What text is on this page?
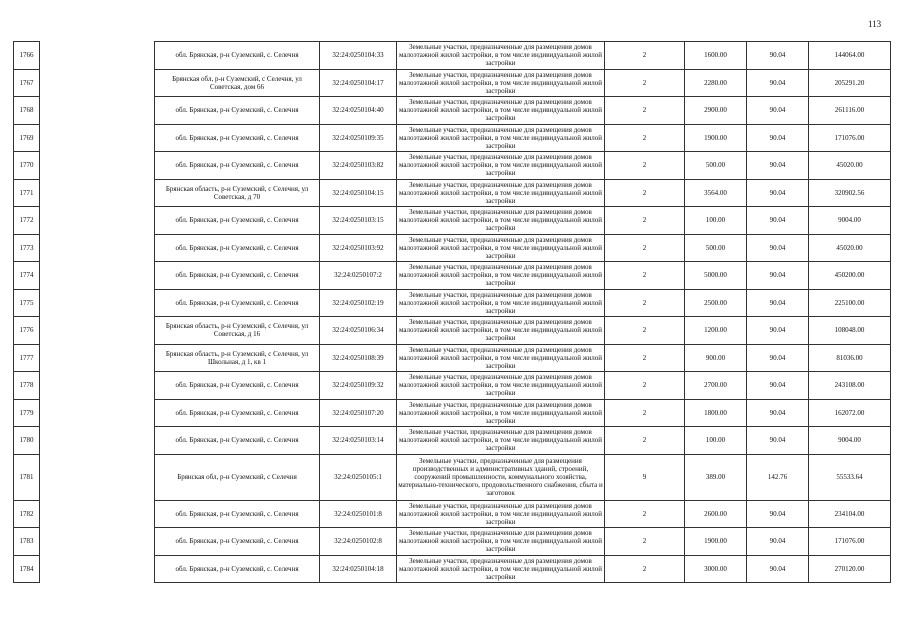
113
1766		обл. Брянская, р-н Суземский, с. Селечня	32:24:0250104:33	Земельные участки, предназначенные для размещения домов малоэтажной жилой застройки, в том числе индивидуальной жилой застройки	2	1600.00	90.04	144064.00
1767		Брянская обл, р-н Суземский, с Селечня, ул Советская, дом 66	32:24:0250104:17	Земельные участки, предназначенные для размещения домов малоэтажной жилой застройки, в том числе индивидуальной жилой застройки	2	2280.00	90.04	205291.20
1768		обл. Брянская, р-н Суземский, с. Селечня	32:24:0250104:40	Земельные участки, предназначенные для размещения домов малоэтажной жилой застройки, в том числе индивидуальной жилой застройки	2	2900.00	90.04	261116.00
1769		обл. Брянская, р-н Суземский, с. Селечня	32:24:0250109:35	Земельные участки, предназначенные для размещения домов малоэтажной жилой застройки, в том числе индивидуальной жилой застройки	2	1900.00	90.04	171076.00
1770		обл. Брянская, р-н Суземский, с. Селечня	32:24:0250103:82	Земельные участки, предназначенные для размещения домов малоэтажной жилой застройки, в том числе индивидуальной жилой застройки	2	500.00	90.04	45020.00
1771		Брянская область, р-н Суземский, с Селечня, ул Советская, д 70	32:24:0250104:15	Земельные участки, предназначенные для размещения домов малоэтажной жилой застройки, в том числе индивидуальной жилой застройки	2	3564.00	90.04	320902.56
1772		обл. Брянская, р-н Суземский, с. Селечня	32:24:0250103:15	Земельные участки, предназначенные для размещения домов малоэтажной жилой застройки, в том числе индивидуальной жилой застройки	2	100.00	90.04	9004.00
1773		обл. Брянская, р-н Суземский, с. Селечня	32:24:0250103:92	Земельные участки, предназначенные для размещения домов малоэтажной жилой застройки, в том числе индивидуальной жилой застройки	2	500.00	90.04	45020.00
1774		обл. Брянская, р-н Суземский, с. Селечня	32:24:0250107:2	Земельные участки, предназначенные для размещения домов малоэтажной жилой застройки, в том числе индивидуальной жилой застройки	2	5000.00	90.04	450200.00
1775		обл. Брянская, р-н Суземский, с. Селечня	32:24:0250102:19	Земельные участки, предназначенные для размещения домов малоэтажной жилой застройки, в том числе индивидуальной жилой застройки	2	2500.00	90.04	225100.00
1776		Брянская область, р-н Суземский, с Селечня, ул Советская, д 16	32:24:0250106:34	Земельные участки, предназначенные для размещения домов малоэтажной жилой застройки, в том числе индивидуальной жилой застройки	2	1200.00	90.04	108048.00
1777		Брянская область, р-н Суземский, с Селечня, ул Школьная, д 1, кв 1	32:24:0250108:39	Земельные участки, предназначенные для размещения домов малоэтажной жилой застройки, в том числе индивидуальной жилой застройки	2	900.00	90.04	81036.00
1778		обл. Брянская, р-н Суземский, с. Селечня	32:24:0250109:32	Земельные участки, предназначенные для размещения домов малоэтажной жилой застройки, в том числе индивидуальной жилой застройки	2	2700.00	90.04	243108.00
1779		обл. Брянская, р-н Суземский, с. Селечня	32:24:0250107:20	Земельные участки, предназначенные для размещения домов малоэтажной жилой застройки, в том числе индивидуальной жилой застройки	2	1800.00	90.04	162072.00
1780		обл. Брянская, р-н Суземский, с. Селечня	32:24:0250103:14	Земельные участки, предназначенные для размещения домов малоэтажной жилой застройки, в том числе индивидуальной жилой застройки	2	100.00	90.04	9004.00
1781		Брянская обл, р-н Суземский, с Селечня	32:24:0250105:1	Земельные участки, предназначенные для размещения производственных и административных зданий, строений, сооружений промышленности, коммунального хозяйства, материально-технического, продовольственного снабжения, сбыта и заготовок	9	389.00	142.76	55533.64
1782		обл. Брянская, р-н Суземский, с. Селечня	32:24:0250101:8	Земельные участки, предназначенные для размещения домов малоэтажной жилой застройки, в том числе индивидуальной жилой застройки	2	2600.00	90.04	234104.00
1783		обл. Брянская, р-н Суземский, с. Селечня	32:24:0250102:8	Земельные участки, предназначенные для размещения домов малоэтажной жилой застройки, в том числе индивидуальной жилой застройки	2	1900.00	90.04	171076.00
1784		обл. Брянская, р-н Суземский, с. Селечня	32:24:0250104:18	Земельные участки, предназначенные для размещения домов малоэтажной жилой застройки, в том числе индивидуальной жилой застройки	2	3000.00	90.04	270120.00
